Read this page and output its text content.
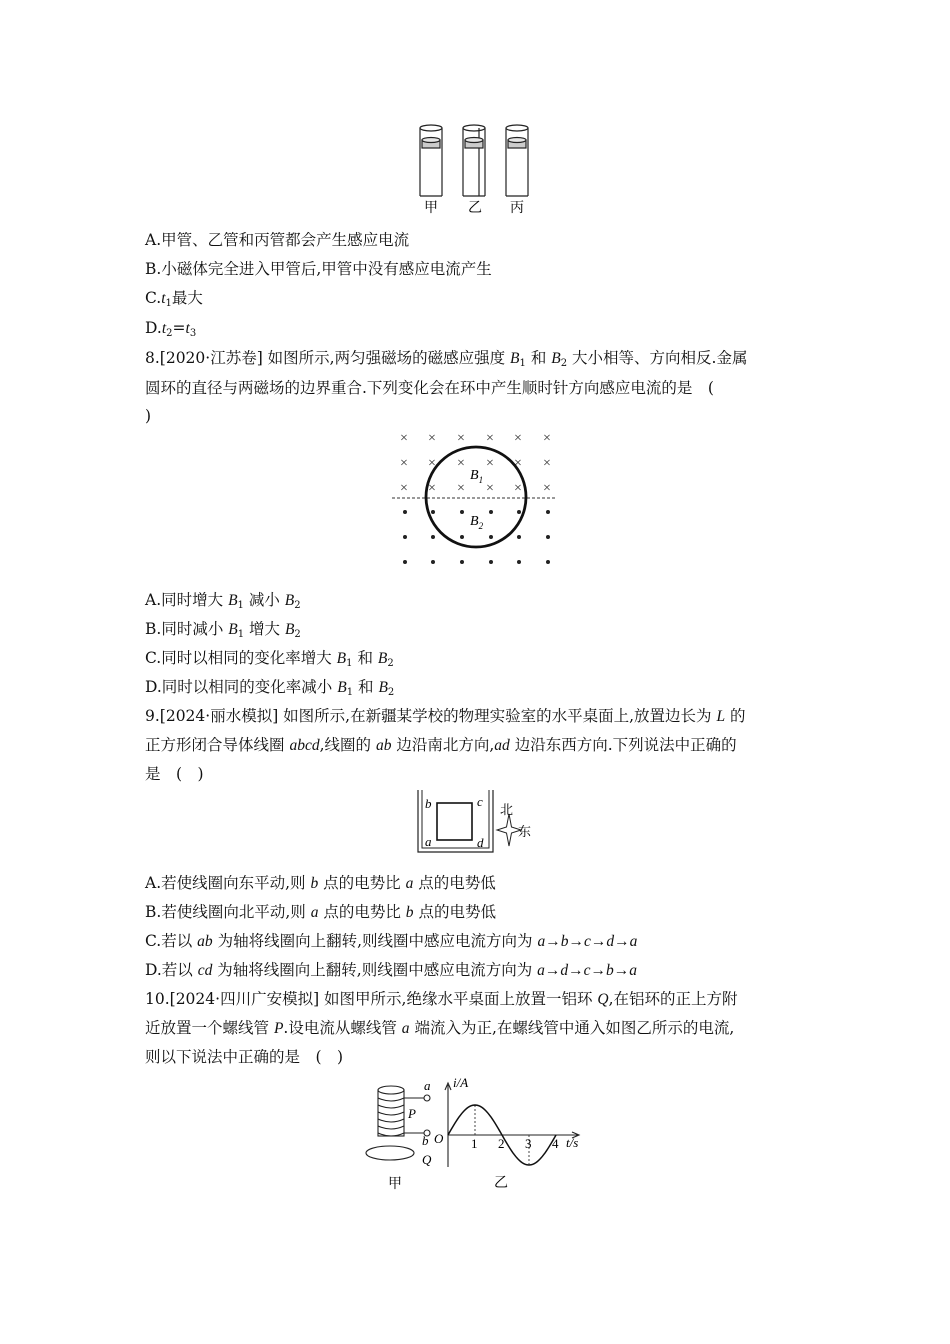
甲 乙 丙
A.甲管、乙管和丙管都会产生感应电流
B.小磁体完全进入甲管后,甲管中没有感应电流产生
$C.t_1$最大
$D.t_2=t_3$
8.[2020·江苏卷] 如图所示,两匀强磁场的磁感应强度 $B_1$ 和 $B_2$ 大小相等、方向相反.金属
圆环的直径与两磁场的边界重合.下列变化会在环中产生顺时针方向感应电流的是　(
)
× × × × × ×
× × × × × ×
× × × × × ×
$B_1$
$B_2$
A.同时增大 $B_1$ 减小 $B_2$
B.同时减小 $B_1$ 增大 $B_2$
C.同时以相同的变化率增大 $B_1$ 和 $B_2$
D.同时以相同的变化率减小 $B_1$ 和 $B_2$
9.[2024·丽水模拟] 如图所示,在新疆某学校的物理实验室的水平桌面上,放置边长为 L 的
正方形闭合导体线圈 abcd,线圈的 ab 边沿南北方向,ad 边沿东西方向.下列说法中正确的
是　(　)
b	c
a	d
北
东
A.若使线圈向东平动,则 b 点的电势比 a 点的电势低
B.若使线圈向北平动,则 a 点的电势比 b 点的电势低
C.若以 ab 为轴将线圈向上翻转,则线圈中感应电流方向为 a→b→c→d→a
D.若以 cd 为轴将线圈向上翻转,则线圈中感应电流方向为 a→d→c→b→a
10.[2024·四川广安模拟] 如图甲所示,绝缘水平桌面上放置一铝环 Q,在铝环的正上方附
近放置一个螺线管 P.设电流从螺线管 a 端流入为正,在螺线管中通入如图乙所示的电流,
则以下说法中正确的是　(　)
a
P
b
Q
甲
i/A
t/s
O 1 2 3 4
乙
